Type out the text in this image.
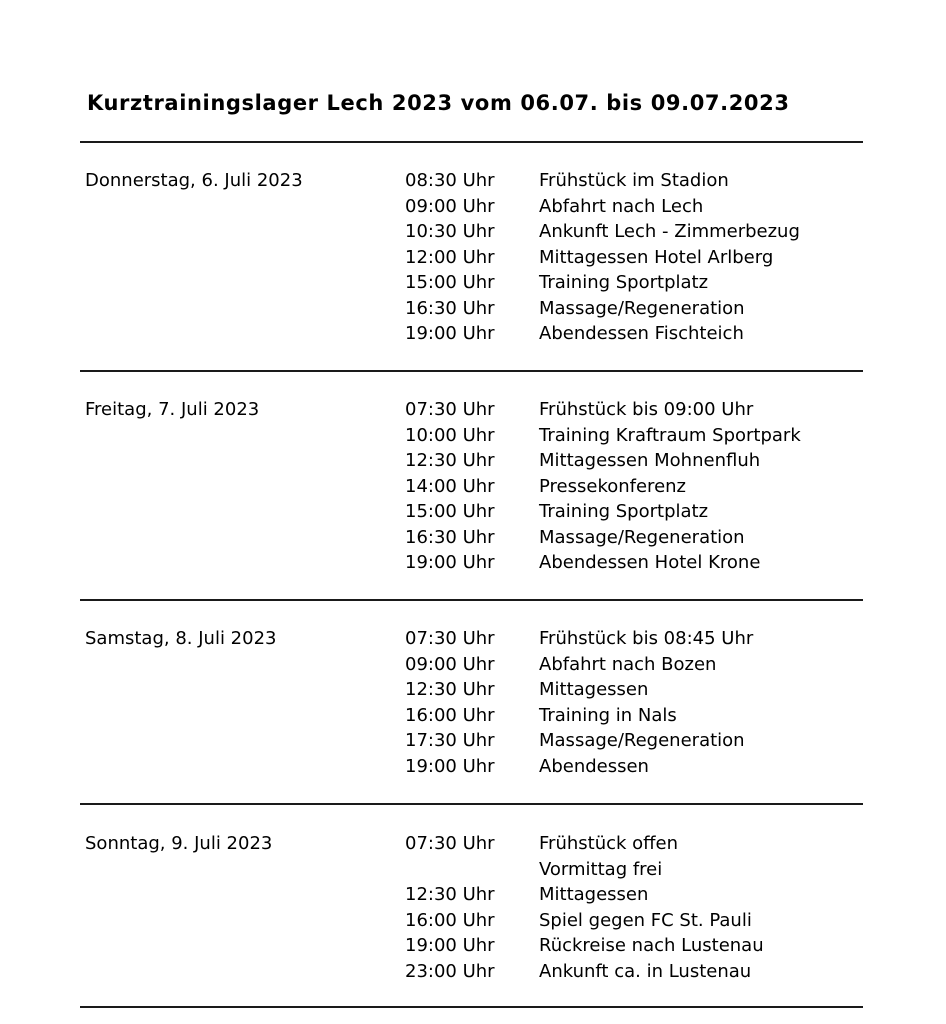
Kurztrainingslager Lech 2023 vom 06.07. bis 09.07.2023
Donnerstag, 6. Juli 2023	08:30 Uhr Frühstück im Stadion
09:00 Uhr Abfahrt nach Lech
10:30 Uhr Ankunft Lech - Zimmerbezug
12:00 Uhr Mittagessen Hotel Arlberg
15:00 Uhr Training Sportplatz
16:30 Uhr Massage/Regeneration
19:00 Uhr Abendessen Fischteich
Freitag, 7. Juli 2023	07:30 Uhr Frühstück bis 09:00 Uhr
10:00 Uhr Training Kraftraum Sportpark
12:30 Uhr Mittagessen Mohnenfluh
14:00 Uhr Pressekonferenz
15:00 Uhr Training Sportplatz
16:30 Uhr Massage/Regeneration
19:00 Uhr Abendessen Hotel Krone
Samstag, 8. Juli 2023	07:30 Uhr Frühstück bis 08:45 Uhr
09:00 Uhr Abfahrt nach Bozen
12:30 Uhr Mittagessen
16:00 Uhr Training in Nals
17:30 Uhr Massage/Regeneration
19:00 Uhr Abendessen
Sonntag, 9. Juli 2023	07:30 Uhr Frühstück offen
Vormittag frei
12:30 Uhr Mittagessen
16:00 Uhr Spiel gegen FC St. Pauli
19:00 Uhr Rückreise nach Lustenau
23:00 Uhr Ankunft ca. in Lustenau
